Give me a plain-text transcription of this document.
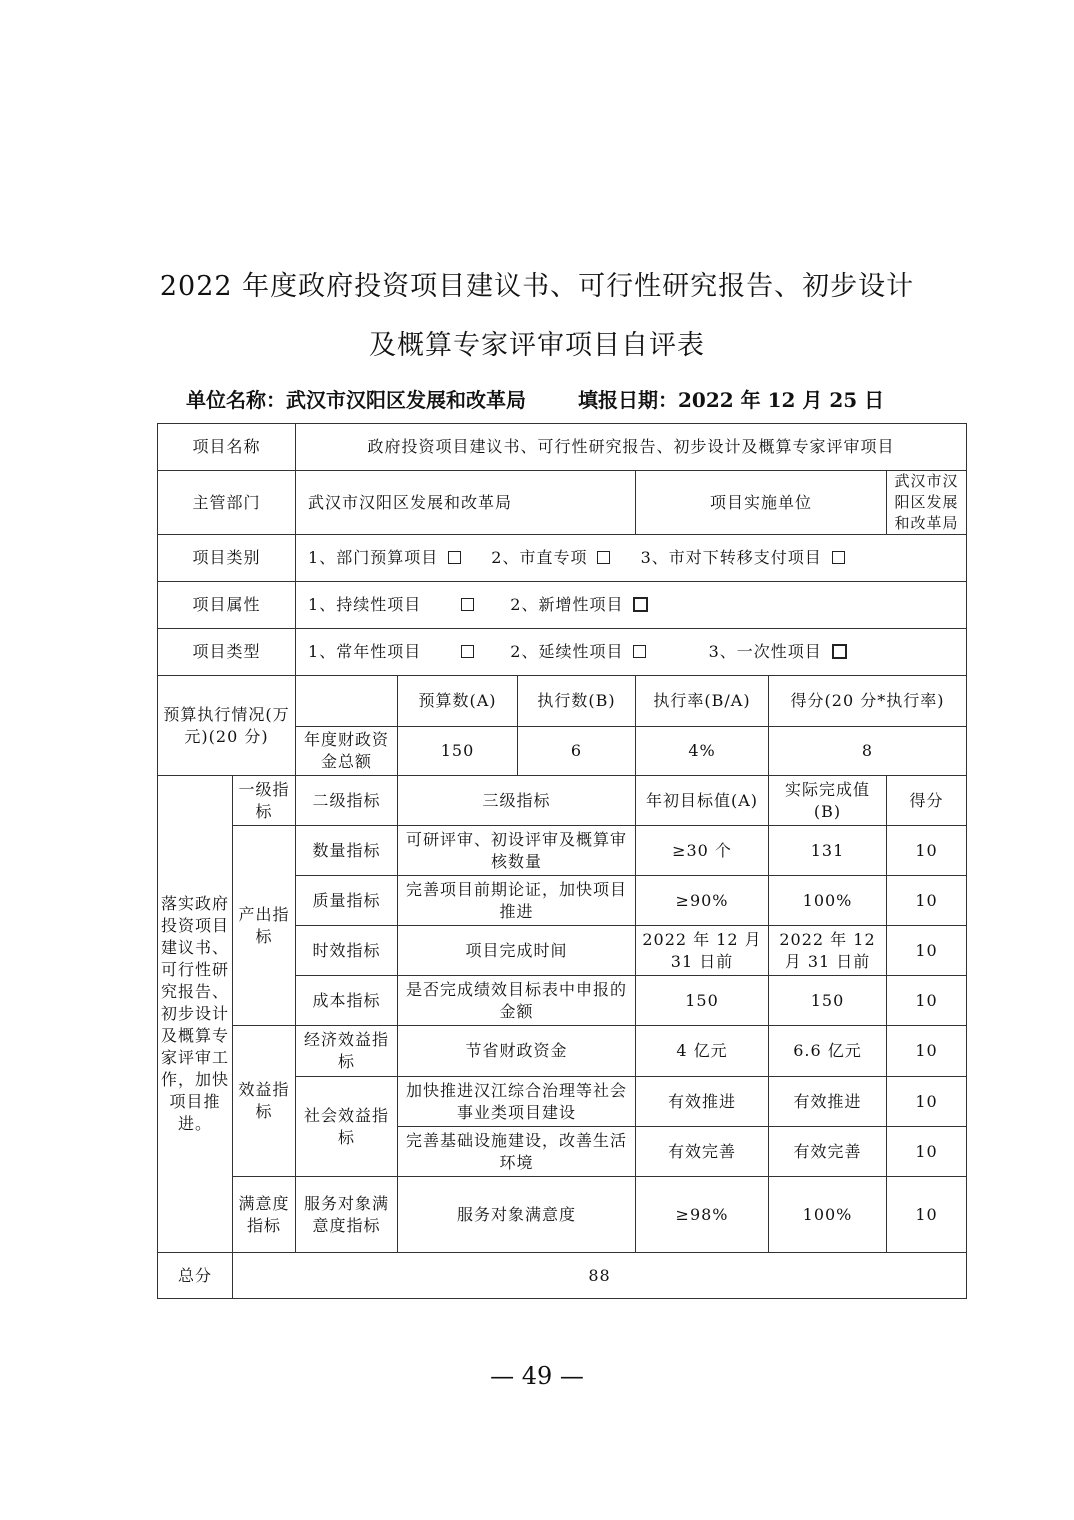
2022 年度政府投资项目建议书、可行性研究报告、初步设计
及概算专家评审项目自评表
单位名称：武汉市汉阳区发展和改革局	填报日期：2022 年 12 月 25 日
项目名称		政府投资项目建议书、可行性研究报告、初步设计及概算专家评审项目					
主管部门		武汉市汉阳区发展和改革局			项目实施单位		武汉市汉阳区发展和改革局
项目类别		1、部门预算项目 2、市直专项 3、市对下转移支付项目					
项目属性		1、持续性项目 2、新增性项目					
项目类型		1、常年性项目 2、延续性项目 3、一次性项目					
预算执行情况(万元)(20 分)			预算数(A)	执行数(B)	执行率(B/A)	得分(20 分*执行率)	
		年度财政资金总额	150	6	4%	8	
落实政府投资项目建议书、可行性研究报告、初步设计及概算专家评审工作，加快项目推进。	一级指标	二级指标	三级指标		年初目标值(A)	实际完成值(B)	得分
	产出指标	数量指标	可研评审、初设评审及概算审核数量		≥30 个	131	10
		质量指标	完善项目前期论证，加快项目推进		≥90%	100%	10
		时效指标	项目完成时间		2022 年 12 月 31 日前	2022 年 12 月 31 日前	10
		成本指标	是否完成绩效目标表中申报的金额		150	150	10
	效益指标	经济效益指标	节省财政资金		4 亿元	6.6 亿元	10
		社会效益指标	加快推进汉江综合治理等社会事业类项目建设		有效推进	有效推进	10
			完善基础设施建设，改善生活环境		有效完善	有效完善	10
	满意度指标	服务对象满意度指标	服务对象满意度		≥98%	100%	10
总分	88						
— 49 —
